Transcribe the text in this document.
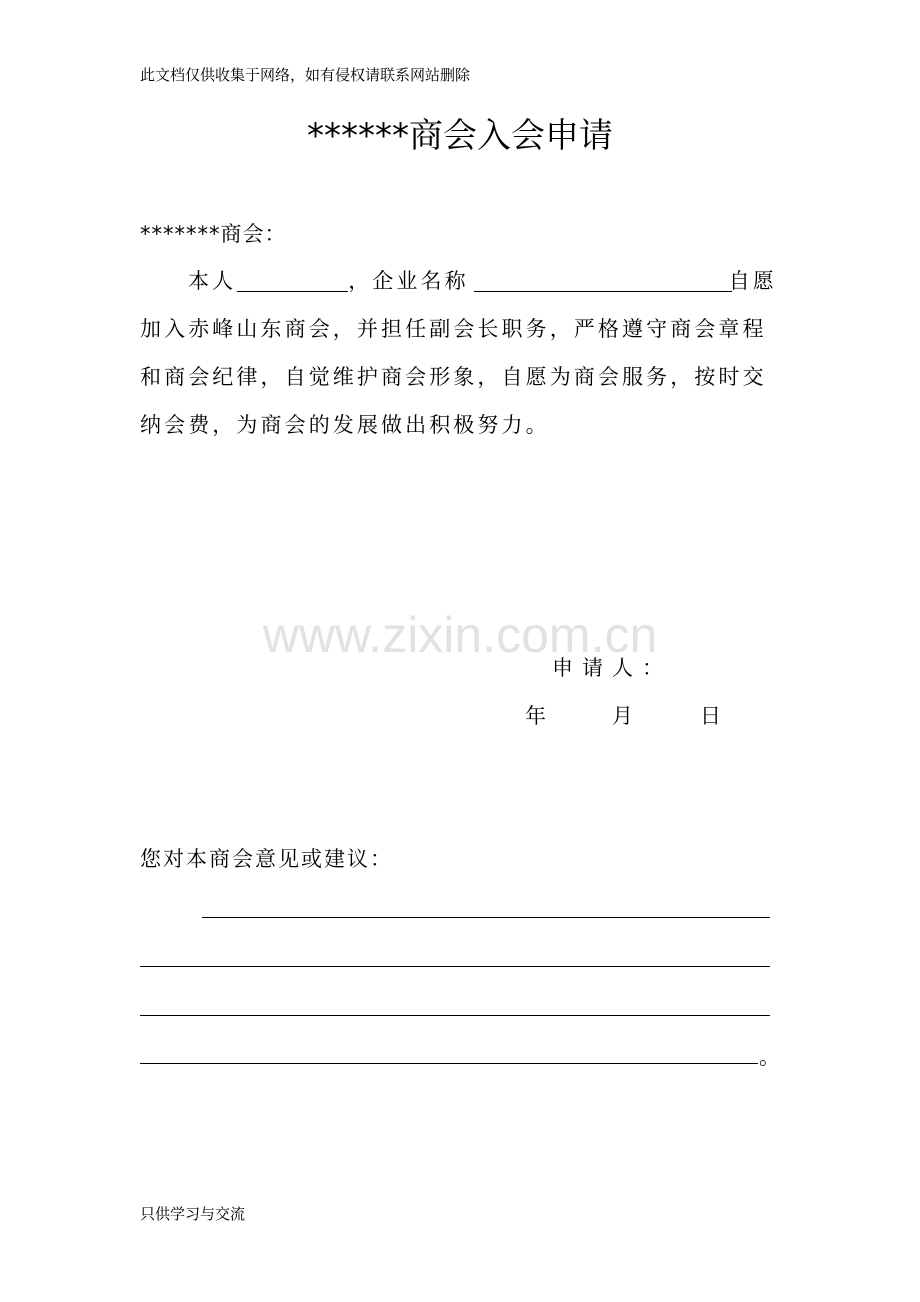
此文档仅供收集于网络，如有侵权请联系网站删除
******商会入会申请
*******商会：
本人	，企业名称	自愿
加入赤峰山东商会，并担任副会长职务，严格遵守商会章程
和商会纪律，自觉维护商会形象，自愿为商会服务，按时交
纳会费，为商会的发展做出积极努力。
www.zixin.com.cn
申请人：
年	月	日
您对本商会意见或建议：
。
只供学习与交流
